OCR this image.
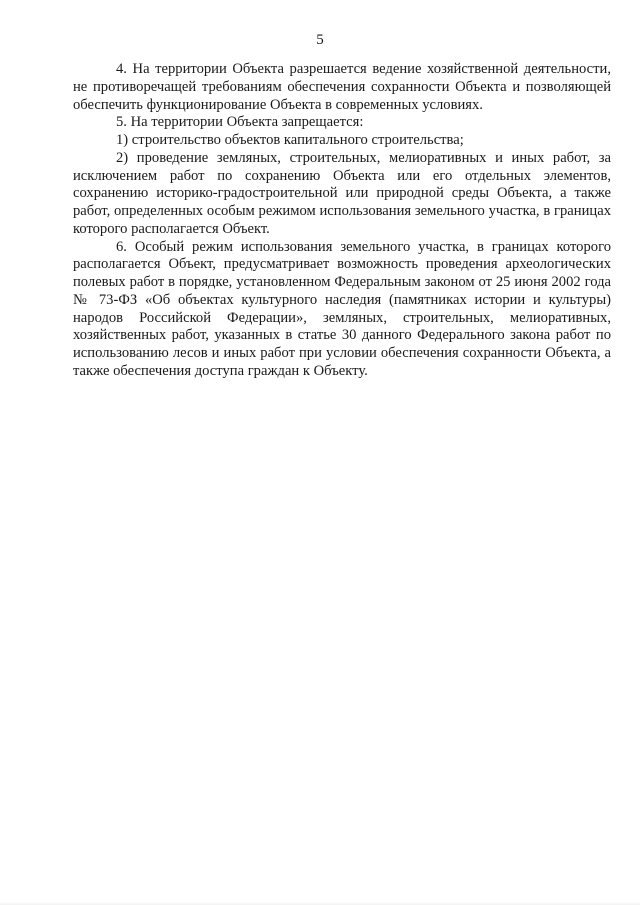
5

4. На территории Объекта разрешается ведение хозяйственной деятельности, не противоречащей требованиям обеспечения сохранности Объекта и позволяющей обеспечить функционирование Объекта в современных условиях.

5. На территории Объекта запрещается:

1) строительство объектов капитального строительства;

2) проведение земляных, строительных, мелиоративных и иных работ, за исключением работ по сохранению Объекта или его отдельных элементов, сохранению историко-градостроительной или природной среды Объекта, а также работ, определенных особым режимом использования земельного участка, в границах которого располагается Объект.

6. Особый режим использования земельного участка, в границах которого располагается Объект, предусматривает возможность проведения археологических полевых работ в порядке, установленном Федеральным законом от 25 июня 2002 года № 73-ФЗ «Об объектах культурного наследия (памятниках истории и культуры) народов Российской Федерации», земляных, строительных, мелиоративных, хозяйственных работ, указанных в статье 30 данного Федерального закона работ по использованию лесов и иных работ при условии обеспечения сохранности Объекта, а также обеспечения доступа граждан к Объекту.
